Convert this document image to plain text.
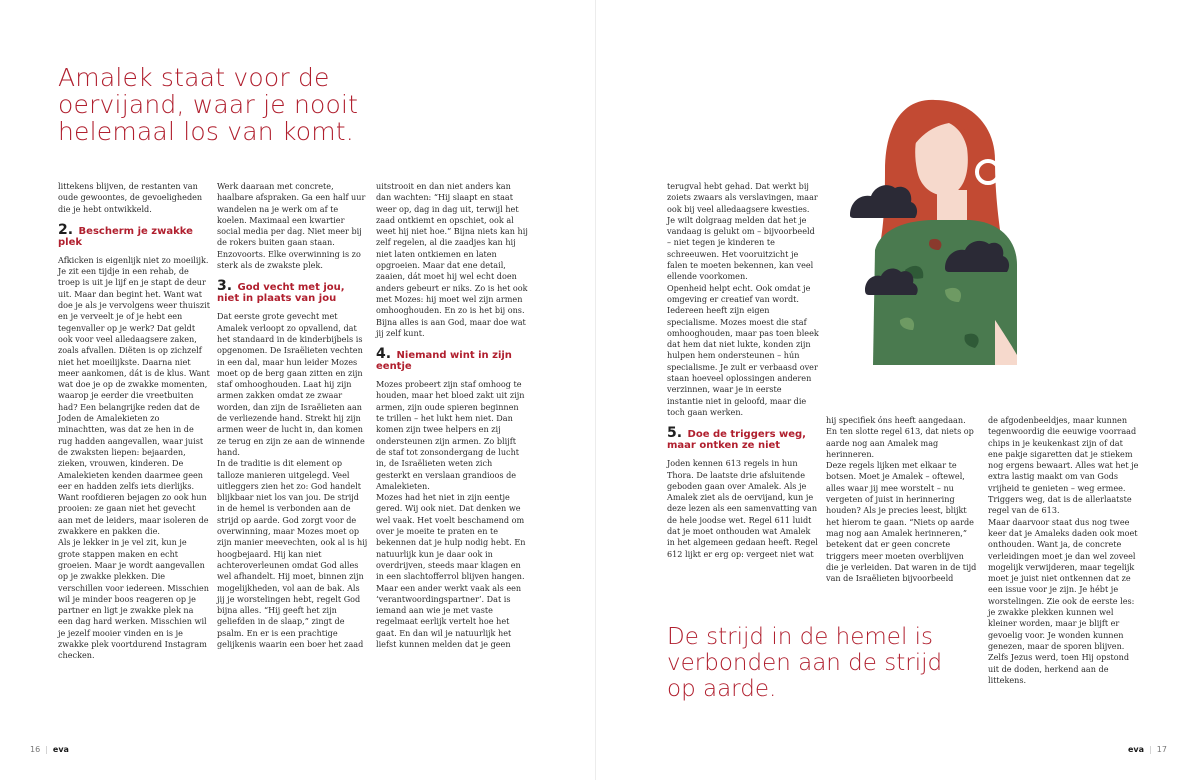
Amalek staat voor de oervijand, waar je nooit helemaal los van komt.

littekens blijven, de restanten van oude gewoontes, de gevoeligheden die je hebt ontwikkeld.

2. Bescherm je zwakke plek

Afkicken is eigenlijk niet zo moeilijk. Je zit een tijdje in een rehab, de troep is uit je lijf en je stapt de deur uit. Maar dan begint het. Want wat doe je als je vervolgens weer thuiszit en je verveelt je of je hebt een tegenvaller op je werk? Dat geldt ook voor veel alledaagsere zaken, zoals afvallen. Diëten is op zichzelf niet het moeilijkste. Daarna niet meer aankomen, dát is de klus. Want wat doe je op de zwakke momenten, waarop je eerder die vreetbuiten had? Een belangrijke reden dat de Joden de Amalekieten zo minachtten, was dat ze hen in de rug hadden aangevallen, waar juist de zwaksten liepen: bejaarden, zieken, vrouwen, kinderen. De Amalekieten kenden daarmee geen eer en hadden zelfs iets dierlijks. Want roofdieren bejagen zo ook hun prooien: ze gaan niet het gevecht aan met de leiders, maar isoleren de zwakkere en pakken die.

Als je lekker in je vel zit, kun je grote stappen maken en echt groeien. Maar je wordt aangevallen op je zwakke plekken. Die verschillen voor iedereen. Misschien wil je minder boos reageren op je partner en ligt je zwakke plek na een dag hard werken. Misschien wil je jezelf mooier vinden en is je zwakke plek voortdurend Instagram checken.

Werk daaraan met concrete, haalbare afspraken. Ga een half uur wandelen na je werk om af te koelen. Maximaal een kwartier social media per dag. Niet meer bij de rokers buiten gaan staan. Enzovoorts. Elke overwinning is zo sterk als de zwakste plek.

3. God vecht met jou, niet in plaats van jou

Dat eerste grote gevecht met Amalek verloopt zo opvallend, dat het standaard in de kinderbijbels is opgenomen. De Israëlieten vechten in een dal, maar hun leider Mozes moet op de berg gaan zitten en zijn staf omhooghouden. Laat hij zijn armen zakken omdat ze zwaar worden, dan zijn de Israëlieten aan de verliezende hand. Strekt hij zijn armen weer de lucht in, dan komen ze terug en zijn ze aan de winnende hand.

In de traditie is dit element op talloze manieren uitgelegd. Veel uitleggers zien het zo: God handelt blijkbaar niet los van jou. De strijd in de hemel is verbonden aan de strijd op aarde. God zorgt voor de overwinning, maar Mozes moet op zijn manier meevechten, ook al is hij hoogbejaard. Hij kan niet achteroverleunen omdat God alles wel afhandelt. Hij moet, binnen zijn mogelijkheden, vol aan de bak. Als jij je worstelingen hebt, regelt God bijna alles. “Hij geeft het zijn geliefden in de slaap,” zingt de psalm. En er is een prachtige gelijkenis waarin een boer het zaad

uitstrooit en dan niet anders kan dan wachten: “Hij slaapt en staat weer op, dag in dag uit, terwijl het zaad ontkiemt en opschiet, ook al weet hij niet hoe.” Bijna niets kan hij zelf regelen, al die zaadjes kan hij niet laten ontkiemen en laten opgroeien. Maar dat ene detail, zaaien, dát moet hij wel echt doen anders gebeurt er niks. Zo is het ook met Mozes: hij moet wel zijn armen omhooghouden. En zo is het bij ons. Bijna alles is aan God, maar doe wat jij zelf kunt.

4. Niemand wint in zijn eentje

Mozes probeert zijn staf omhoog te houden, maar het bloed zakt uit zijn armen, zijn oude spieren beginnen te trillen – het lukt hem niet. Dan komen zijn twee helpers en zij ondersteunen zijn armen. Zo blijft de staf tot zonsondergang de lucht in, de Israëlieten weten zich gesterkt en verslaan grandioos de Amalekieten.

Mozes had het niet in zijn eentje gered. Wij ook niet. Dat denken we wel vaak. Het voelt beschamend om over je moeite te praten en te bekennen dat je hulp nodig hebt. En natuurlijk kun je daar ook in overdrijven, steeds maar klagen en in een slachtofferrol blijven hangen. Maar een ander werkt vaak als een ‘verantwoordingspartner’. Dat is iemand aan wie je met vaste regelmaat eerlijk vertelt hoe het gaat. En dan wil je natuurlijk het liefst kunnen melden dat je geen

terugval hebt gehad. Dat werkt bij zoiets zwaars als verslavingen, maar ook bij veel alledaagsere kwesties. Je wilt dolgraag melden dat het je vandaag is gelukt om – bijvoorbeeld – niet tegen je kinderen te schreeuwen. Het vooruitzicht je falen te moeten bekennen, kan veel ellende voorkomen.

Openheid helpt echt. Ook omdat je omgeving er creatief van wordt. Iedereen heeft zijn eigen specialisme. Mozes moest die staf omhooghouden, maar pas toen bleek dat hem dat niet lukte, konden zijn hulpen hem ondersteunen – hún specialisme. Je zult er verbaasd over staan hoeveel oplossingen anderen verzinnen, waar je in eerste instantie niet in geloofd, maar die toch gaan werken.

5. Doe de triggers weg, maar ontken ze niet

Joden kennen 613 regels in hun Thora. De laatste drie afsluitende geboden gaan over Amalek. Als je Amalek ziet als de oervijand, kun je deze lezen als een samenvatting van de hele joodse wet. Regel 611 luidt dat je moet onthouden wat Amalek in het algemeen gedaan heeft. Regel 612 lijkt er erg op: vergeet niet wat

hij specifiek óns heeft aangedaan. En ten slotte regel 613, dat niets op aarde nog aan Amalek mag herinneren.

Deze regels lijken met elkaar te botsen. Moet je Amalek – oftewel, alles waar jij mee worstelt – nu vergeten of juist in herinnering houden? Als je precies leest, blijkt het hierom te gaan. “Niets op aarde mag nog aan Amalek herinneren,” betekent dat er geen concrete triggers meer moeten overblijven die je verleiden. Dat waren in de tijd van de Israëlieten bijvoorbeeld

de afgodenbeeldjes, maar kunnen tegenwoordig die eeuwige voorraad chips in je keukenkast zijn of dat ene pakje sigaretten dat je stiekem nog ergens bewaart. Alles wat het je extra lastig maakt om van Gods vrijheid te genieten – weg ermee. Triggers weg, dat is de allerlaatste regel van de 613.

Maar daarvoor staat dus nog twee keer dat je Amaleks daden ook moet onthouden. Want ja, de concrete verleidingen moet je dan wel zoveel mogelijk verwijderen, maar tegelijk moet je juist niet ontkennen dat ze een issue voor je zijn. Je hébt je worstelingen. Zie ook de eerste les: je zwakke plekken kunnen wel kleiner worden, maar je blijft er gevoelig voor. Je wonden kunnen genezen, maar de sporen blijven. Zelfs Jezus werd, toen Hij opstond uit de doden, herkend aan de littekens.

De strijd in de hemel is verbonden aan de strijd op aarde.
16 | eva	eva | 17
